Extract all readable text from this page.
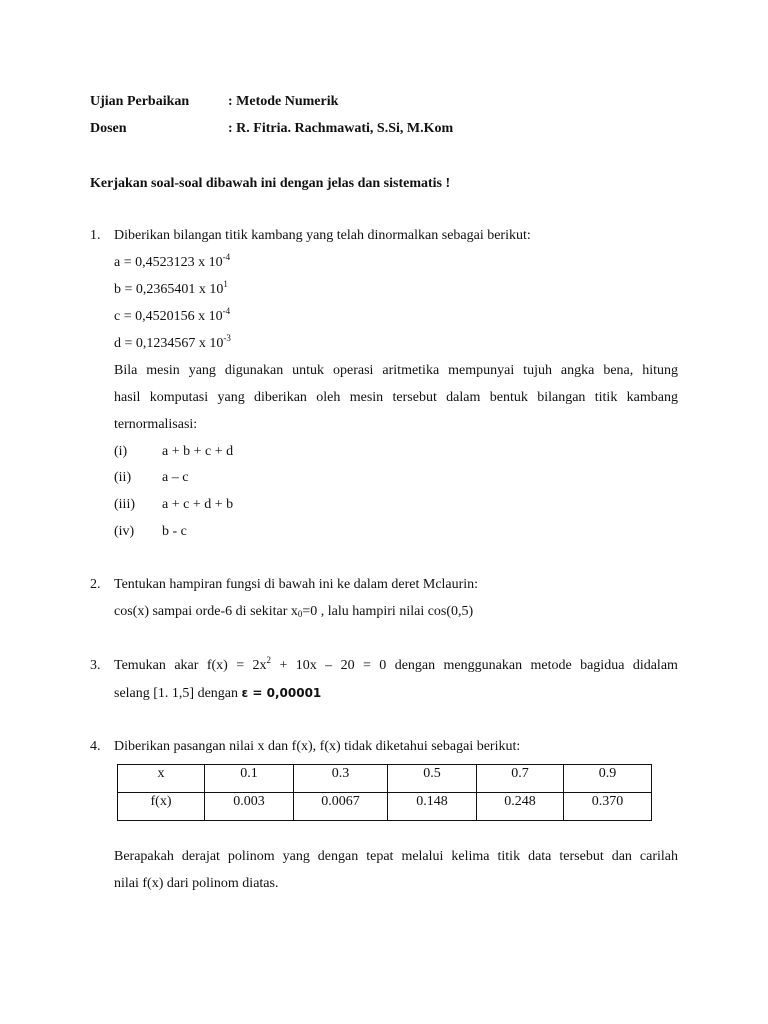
Ujian Perbaikan	: Metode Numerik
Dosen	: R. Fitria. Rachmawati, S.Si, M.Kom
Kerjakan soal-soal dibawah ini dengan jelas dan sistematis !
1. Diberikan bilangan titik kambang yang telah dinormalkan sebagai berikut:
a = 0,4523123 x $10^{-4}$
b = 0,2365401 x $10^1$
c = 0,4520156 x $10^{-4}$
d = 0,1234567 x $10^{-3}$
Bila mesin yang digunakan untuk operasi aritmetika mempunyai tujuh angka bena, hitung
hasil komputasi yang diberikan oleh mesin tersebut dalam bentuk bilangan titik kambang
ternormalisasi:
(i) a + b + c + d
(ii) a – c
(iii) a + c + d + b
(iv) b - c
2. Tentukan hampiran fungsi di bawah ini ke dalam deret Mclaurin:
cos(x) sampai orde-6 di sekitar $x_0=0$ , lalu hampiri nilai cos(0,5)
3. Temukan akar $f(x) = 2x^2 + 10x - 20 = 0$ dengan menggunakan metode bagidua didalam
selang [1. 1,5] dengan ε = 0,00001
4. Diberikan pasangan nilai x dan f(x), f(x) tidak diketahui sebagai berikut:
x	0.1	0.3	0.5	0.7	0.9
f(x)	0.003	0.0067	0.148	0.248	0.370
Berapakah derajat polinom yang dengan tepat melalui kelima titik data tersebut dan carilah
nilai f(x) dari polinom diatas.
